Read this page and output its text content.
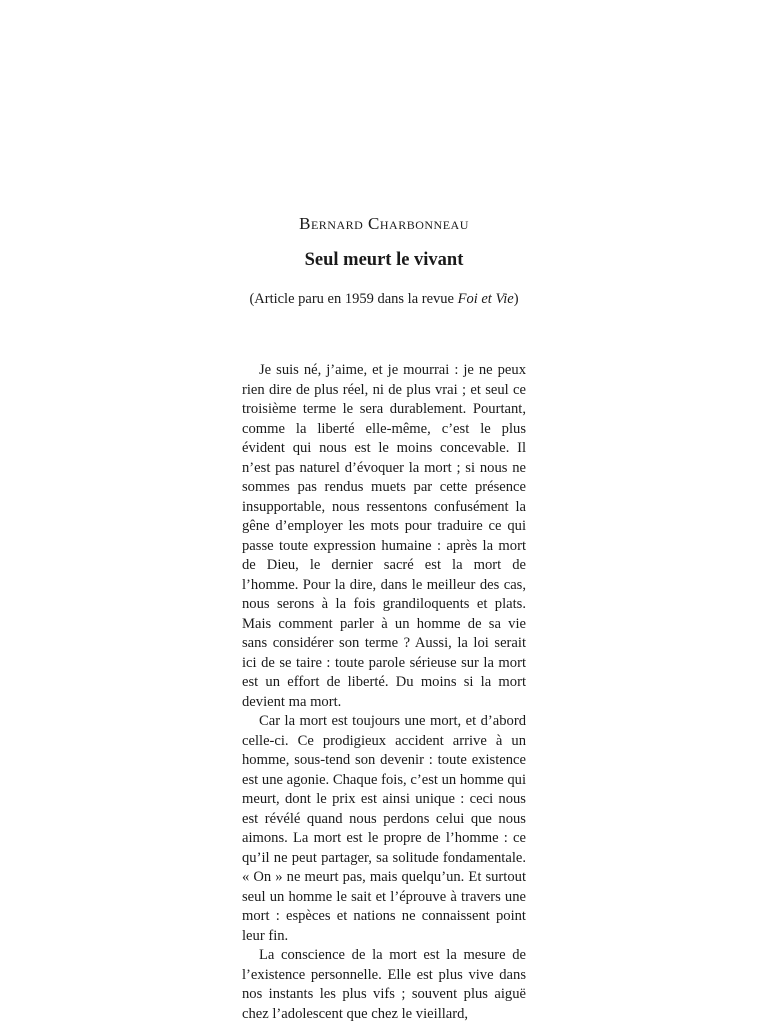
Bernard Charbonneau
Seul meurt le vivant
(Article paru en 1959 dans la revue Foi et Vie)

Je suis né, j’aime, et je mourrai : je ne peux rien dire de plus réel, ni de plus vrai ; et seul ce troisième terme le sera durablement. Pourtant, comme la liberté elle-même, c’est le plus évident qui nous est le moins concevable. Il n’est pas naturel d’évoquer la mort ; si nous ne sommes pas rendus muets par cette présence insupportable, nous ressentons confusément la gêne d’employer les mots pour traduire ce qui passe toute expression humaine : après la mort de Dieu, le dernier sacré est la mort de l’homme. Pour la dire, dans le meilleur des cas, nous serons à la fois grandiloquents et plats. Mais comment parler à un homme de sa vie sans considérer son terme ? Aussi, la loi serait ici de se taire : toute parole sérieuse sur la mort est un effort de liberté. Du moins si la mort devient ma mort.

Car la mort est toujours une mort, et d’abord celle-ci. Ce prodigieux accident arrive à un homme, sous-tend son devenir : toute existence est une agonie. Chaque fois, c’est un homme qui meurt, dont le prix est ainsi unique : ceci nous est révélé quand nous perdons celui que nous aimons. La mort est le propre de l’homme : ce qu’il ne peut partager, sa solitude fondamentale. « On » ne meurt pas, mais quelqu’un. Et surtout seul un homme le sait et l’éprouve à travers une mort : espèces et nations ne connaissent point leur fin.

La conscience de la mort est la mesure de l’existence personnelle. Elle est plus vive dans nos instants les plus vifs ; souvent plus aiguë chez l’adolescent que chez le vieillard,
